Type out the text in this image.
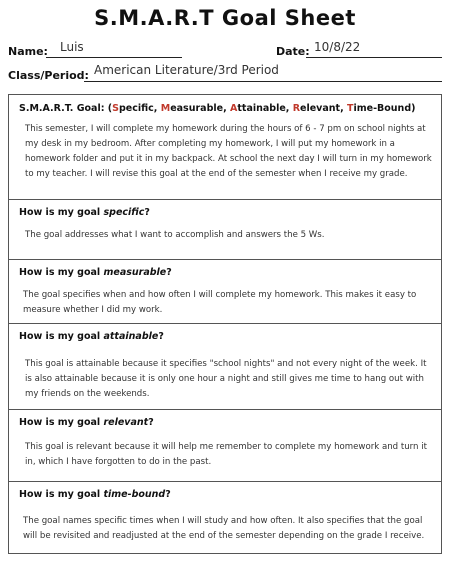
S.M.A.R.T Goal Sheet
Name: Luis	Date: 10/8/22
Class/Period: American Literature/3rd Period
S.M.A.R.T. Goal: (Specific, Measurable, Attainable, Relevant, Time-Bound)
This semester, I will complete my homework during the hours of 6 - 7 pm on school nights at my desk in my bedroom. After completing my homework, I will put my homework in a homework folder and put it in my backpack. At school the next day I will turn in my homework to my teacher. I will revise this goal at the end of the semester when I receive my grade.
How is my goal specific?
The goal addresses what I want to accomplish and answers the 5 Ws.
How is my goal measurable?
The goal specifies when and how often I will complete my homework. This makes it easy to measure whether I did my work.
How is my goal attainable?
This goal is attainable because it specifies "school nights" and not every night of the week. It is also attainable because it is only one hour a night and still gives me time to hang out with my friends on the weekends.
How is my goal relevant?
This goal is relevant because it will help me remember to complete my homework and turn it in, which I have forgotten to do in the past.
How is my goal time-bound?
The goal names specific times when I will study and how often. It also specifies that the goal will be revisited and readjusted at the end of the semester depending on the grade I receive.
